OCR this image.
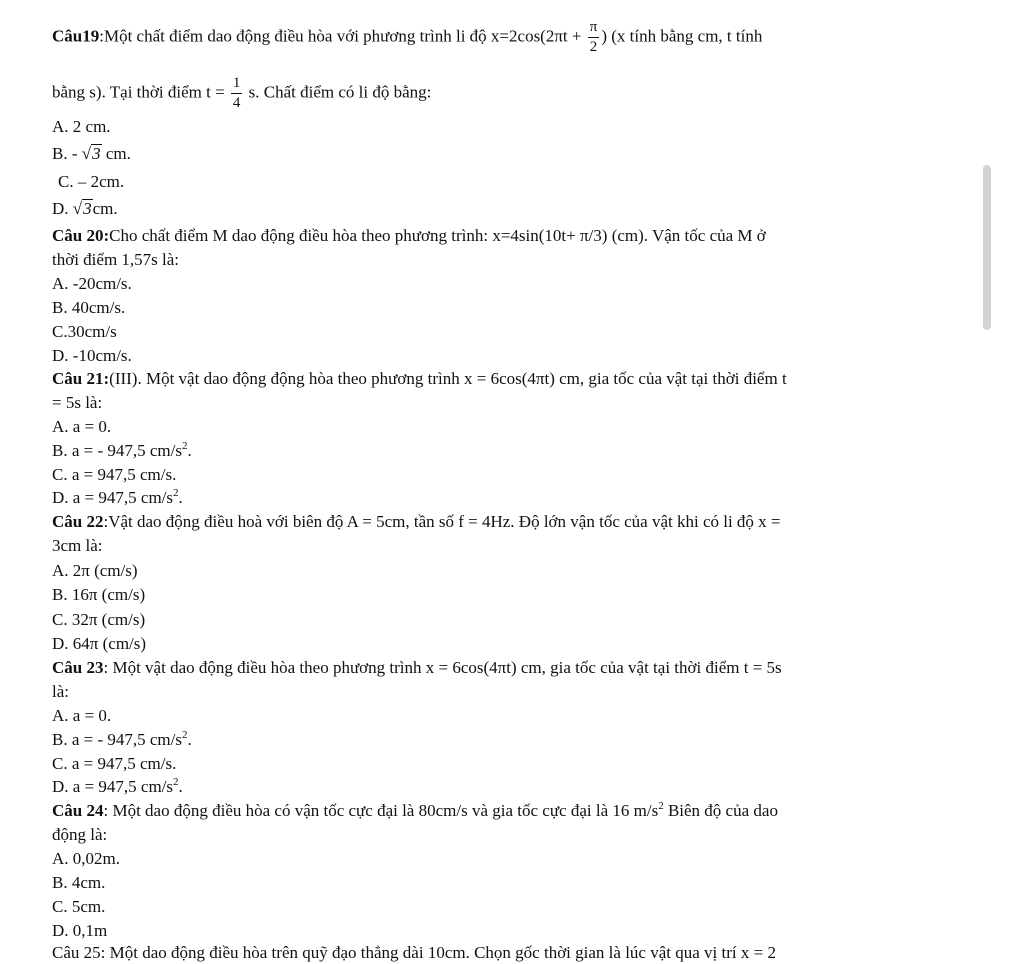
Câu19:Một chất điểm dao động điều hòa với phương trình li độ $x=2\cos(2\pi t + \frac{\pi}{2}$ ) (x tính bằng cm, t tính
bằng s). Tại thời điểm $t = \frac{1}{4} s$. Chất điểm có li độ bằng:
A. 2 cm.
B. - √3 cm.
C. – 2cm.
D. √3cm.
Câu 20:Cho chất điểm M dao động điều hòa theo phương trình: x=4sin(10t+ π/3) (cm). Vận tốc của M ở
thời điểm 1,57s là:
A. -20cm/s.
B. 40cm/s.
C.30cm/s
D. -10cm/s.
Câu 21:(III). Một vật dao động động hòa theo phương trình x = 6cos(4πt) cm, gia tốc của vật tại thời điểm t
= 5s là:
A. a = 0.
B. a = - 947,5 $cm/s^2$.
C. a = 947,5 cm/s.
D. a = 947,5 $cm/s^2$.
Câu 22:Vật dao động điều hoà với biên độ A = 5cm, tần số f = 4Hz. Độ lớn vận tốc của vật khi có li độ x =
3cm là:
A. 2π (cm/s)
B. 16π (cm/s)
C. 32π (cm/s)
D. 64π (cm/s)
Câu 23: Một vật dao động điều hòa theo phương trình x = 6cos(4πt) cm, gia tốc của vật tại thời điểm t = 5s
là:
A. a = 0.
B. a = - 947,5 $cm/s^2$.
C. a = 947,5 cm/s.
D. a = 947,5 $cm/s^2$.
Câu 24: Một dao động điều hòa có vận tốc cực đại là 80cm/s và gia tốc cực đại là 16 $m/s^2$ Biên độ của dao
động là:
A. 0,02m.
B. 4cm.
C. 5cm.
D. 0,1m
Câu 25: Một dao động điều hòa trên quỹ đạo thẳng dài 10cm. Chọn gốc thời gian là lúc vật qua vị trí x = 2
